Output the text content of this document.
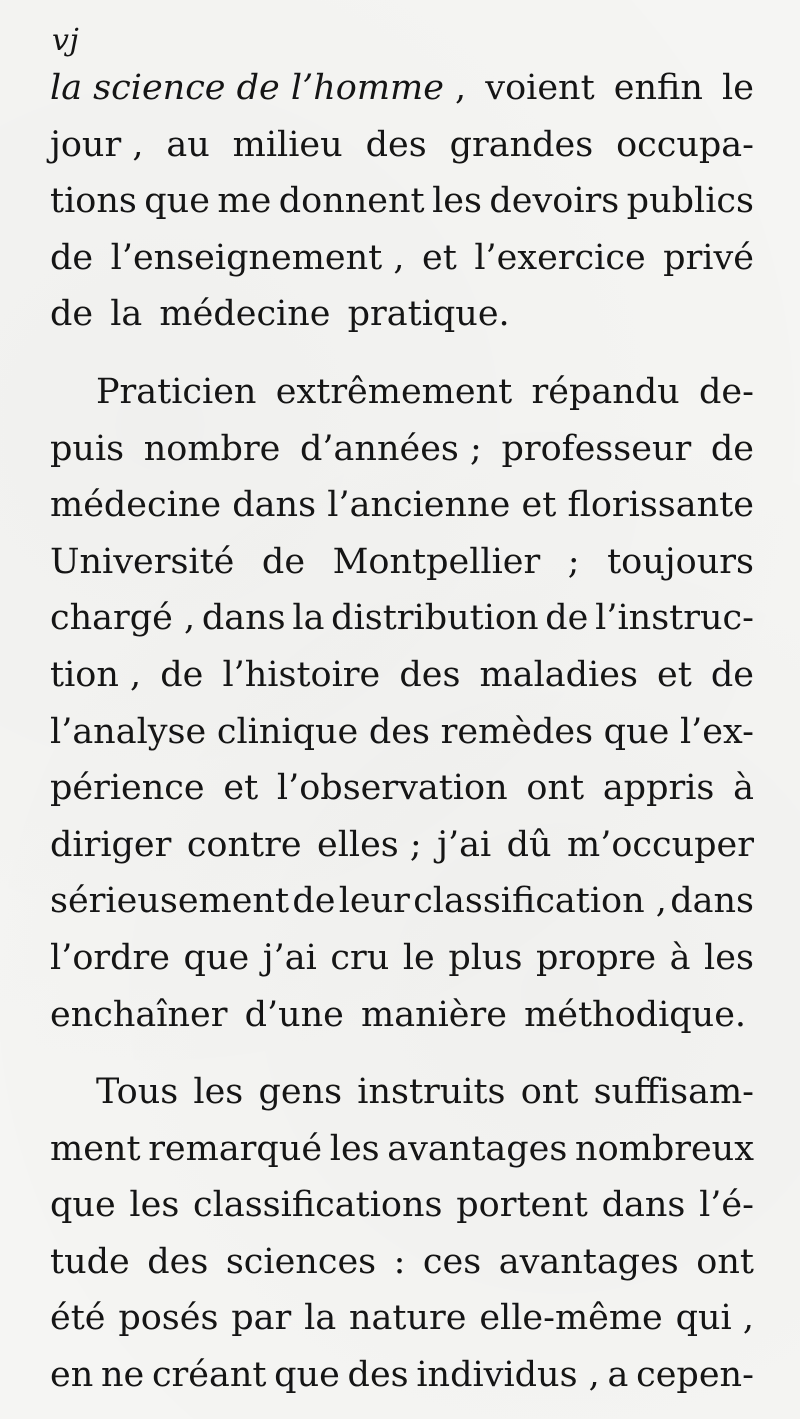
vj
la science de l’homme , voient enfin le
jour , au milieu des grandes occupa-
tions que me donnent les devoirs publics
de l’enseignement , et l’exercice privé
de la médecine pratique.
Praticien extrêmement répandu de-
puis nombre d’années ; professeur de
médecine dans l’ancienne et florissante
Université de Montpellier ; toujours
chargé , dans la distribution de l’instruc-
tion , de l’histoire des maladies et de
l’analyse clinique des remèdes que l’ex-
périence et l’observation ont appris à
diriger contre elles ; j’ai dû m’occuper
sérieusement de leur classification , dans
l’ordre que j’ai cru le plus propre à les
enchaîner d’une manière méthodique.
Tous les gens instruits ont suffisam-
ment remarqué les avantages nombreux
que les classifications portent dans l’é-
tude des sciences : ces avantages ont
été posés par la nature elle-même qui ,
en ne créant que des individus , a cepen-
